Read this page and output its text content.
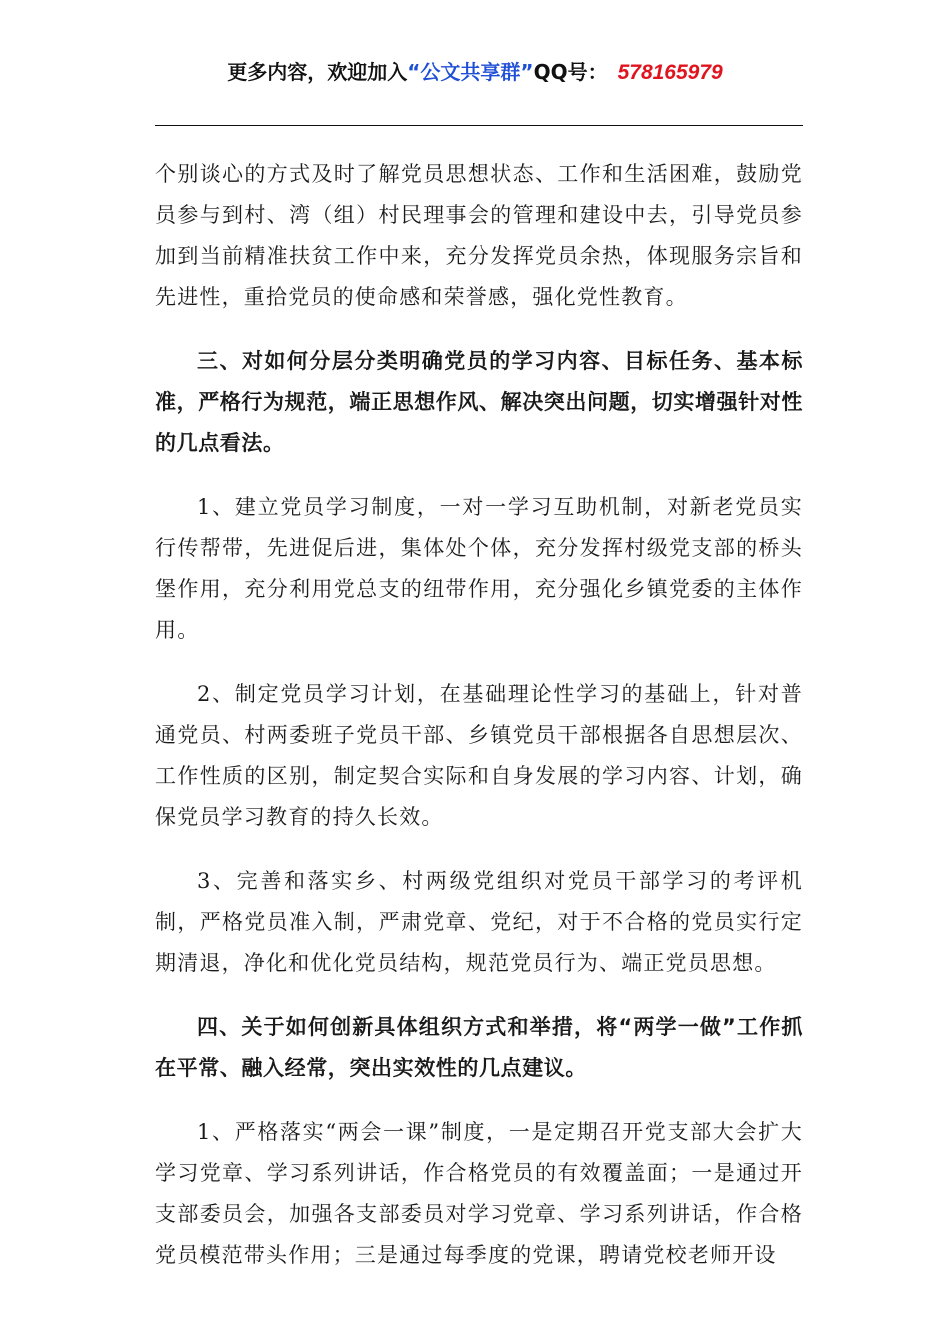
更多内容，欢迎加入“公文共享群”QQ号： 578165979

个别谈心的方式及时了解党员思想状态、工作和生活困难，鼓励党员参与到村、湾（组）村民理事会的管理和建设中去，引导党员参加到当前精准扶贫工作中来，充分发挥党员余热，体现服务宗旨和先进性，重拾党员的使命感和荣誉感，强化党性教育。

三、对如何分层分类明确党员的学习内容、目标任务、基本标准，严格行为规范，端正思想作风、解决突出问题，切实增强针对性的几点看法。

1、建立党员学习制度，一对一学习互助机制，对新老党员实行传帮带，先进促后进，集体处个体，充分发挥村级党支部的桥头堡作用，充分利用党总支的纽带作用，充分强化乡镇党委的主体作用。

2、制定党员学习计划，在基础理论性学习的基础上，针对普通党员、村两委班子党员干部、乡镇党员干部根据各自思想层次、工作性质的区别，制定契合实际和自身发展的学习内容、计划，确保党员学习教育的持久长效。

3、完善和落实乡、村两级党组织对党员干部学习的考评机制，严格党员准入制，严肃党章、党纪，对于不合格的党员实行定期清退，净化和优化党员结构，规范党员行为、端正党员思想。

四、关于如何创新具体组织方式和举措，将“两学一做”工作抓在平常、融入经常，突出实效性的几点建议。

1、严格落实“两会一课”制度，一是定期召开党支部大会扩大学习党章、学习系列讲话，作合格党员的有效覆盖面；一是通过开支部委员会，加强各支部委员对学习党章、学习系列讲话，作合格党员模范带头作用；三是通过每季度的党课，聘请党校老师开设
